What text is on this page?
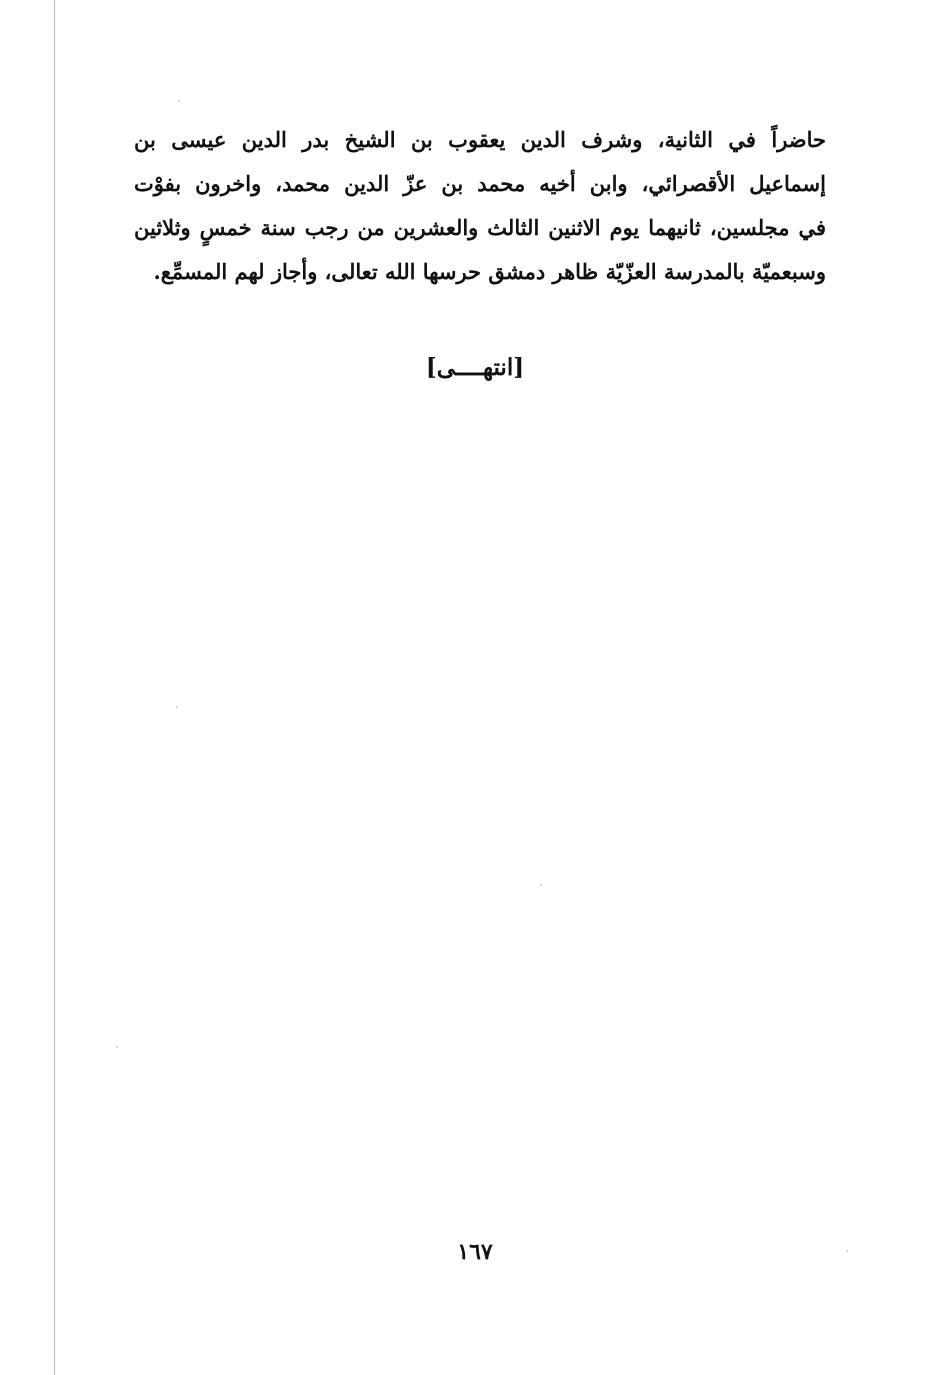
حاضراً في الثانية، وشرف الدين يعقوب بن الشيخ بدر الدين عيسى بن
إسماعيل الأقصرائي، وابن أخيه محمد بن عزّ الدين محمد، واخرون بفوْت
في مجلسين، ثانيهما يوم الاثنين الثالث والعشرين من رجب سنة خمسٍ وثلاثين
وسبعميّة بالمدرسة العزّيّة ظاهر دمشق حرسها الله تعالى، وأجاز لهم المسمِّع.
[انتهــــى]
١٦٧
